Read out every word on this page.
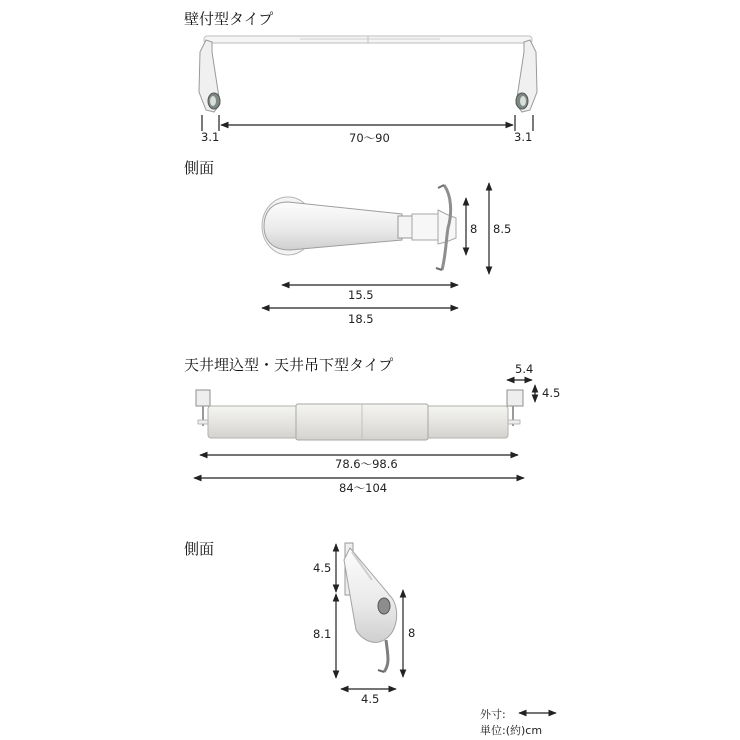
壁付型タイプ
3.1	70～90	3.1
側面
8 8.5
15.5
18.5
天井埋込型・天井吊下型タイプ	5.4
4.5
78.6～98.6
84～104
側面
4.5
8.1	8
4.5
外寸:
単位:(約)cm
